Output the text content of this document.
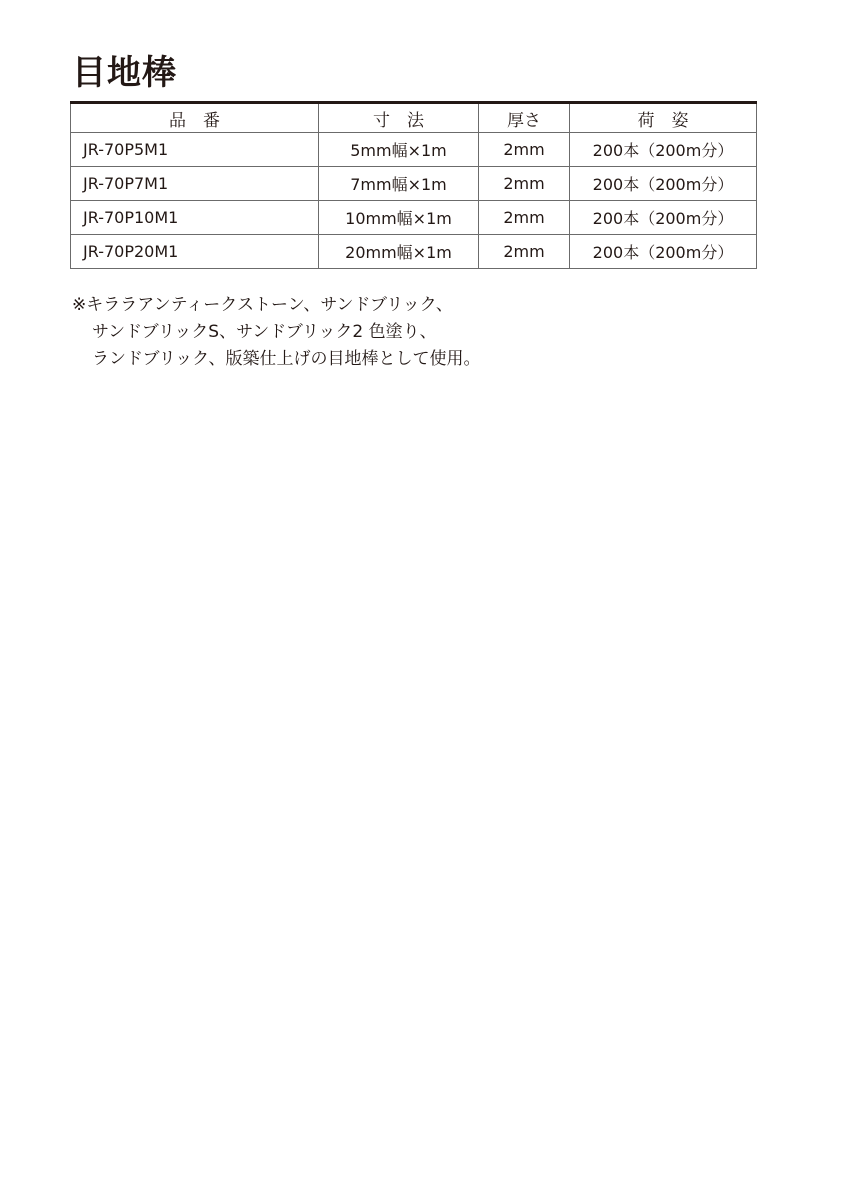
目地棒
品　番	寸　法	厚さ	荷　姿
JR-70P5M1	5mm幅×1m	2mm	200本（200m分）
JR-70P7M1	7mm幅×1m	2mm	200本（200m分）
JR-70P10M1	10mm幅×1m	2mm	200本（200m分）
JR-70P20M1	20mm幅×1m	2mm	200本（200m分）

※キララアンティークストーン、サンドブリック、
サンドブリックS、サンドブリック2 色塗り、
ランドブリック、版築仕上げの目地棒として使用。
